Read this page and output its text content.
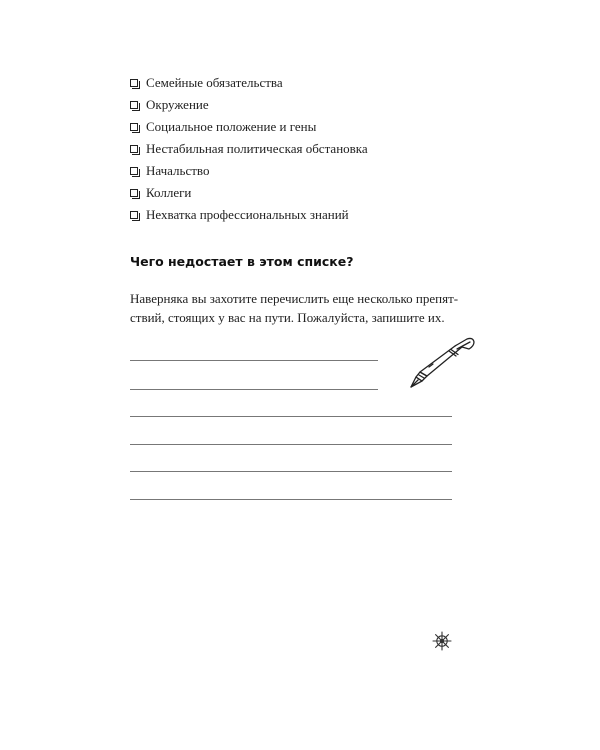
Семейные обязательства
Окружение
Социальное положение и гены
Нестабильная политическая обстановка
Начальство
Коллеги
Нехватка профессиональных знаний
Чего недостает в этом списке?

Наверняка вы захотите перечислить еще несколько препят-
ствий, стоящих у вас на пути. Пожалуйста, запишите их.
